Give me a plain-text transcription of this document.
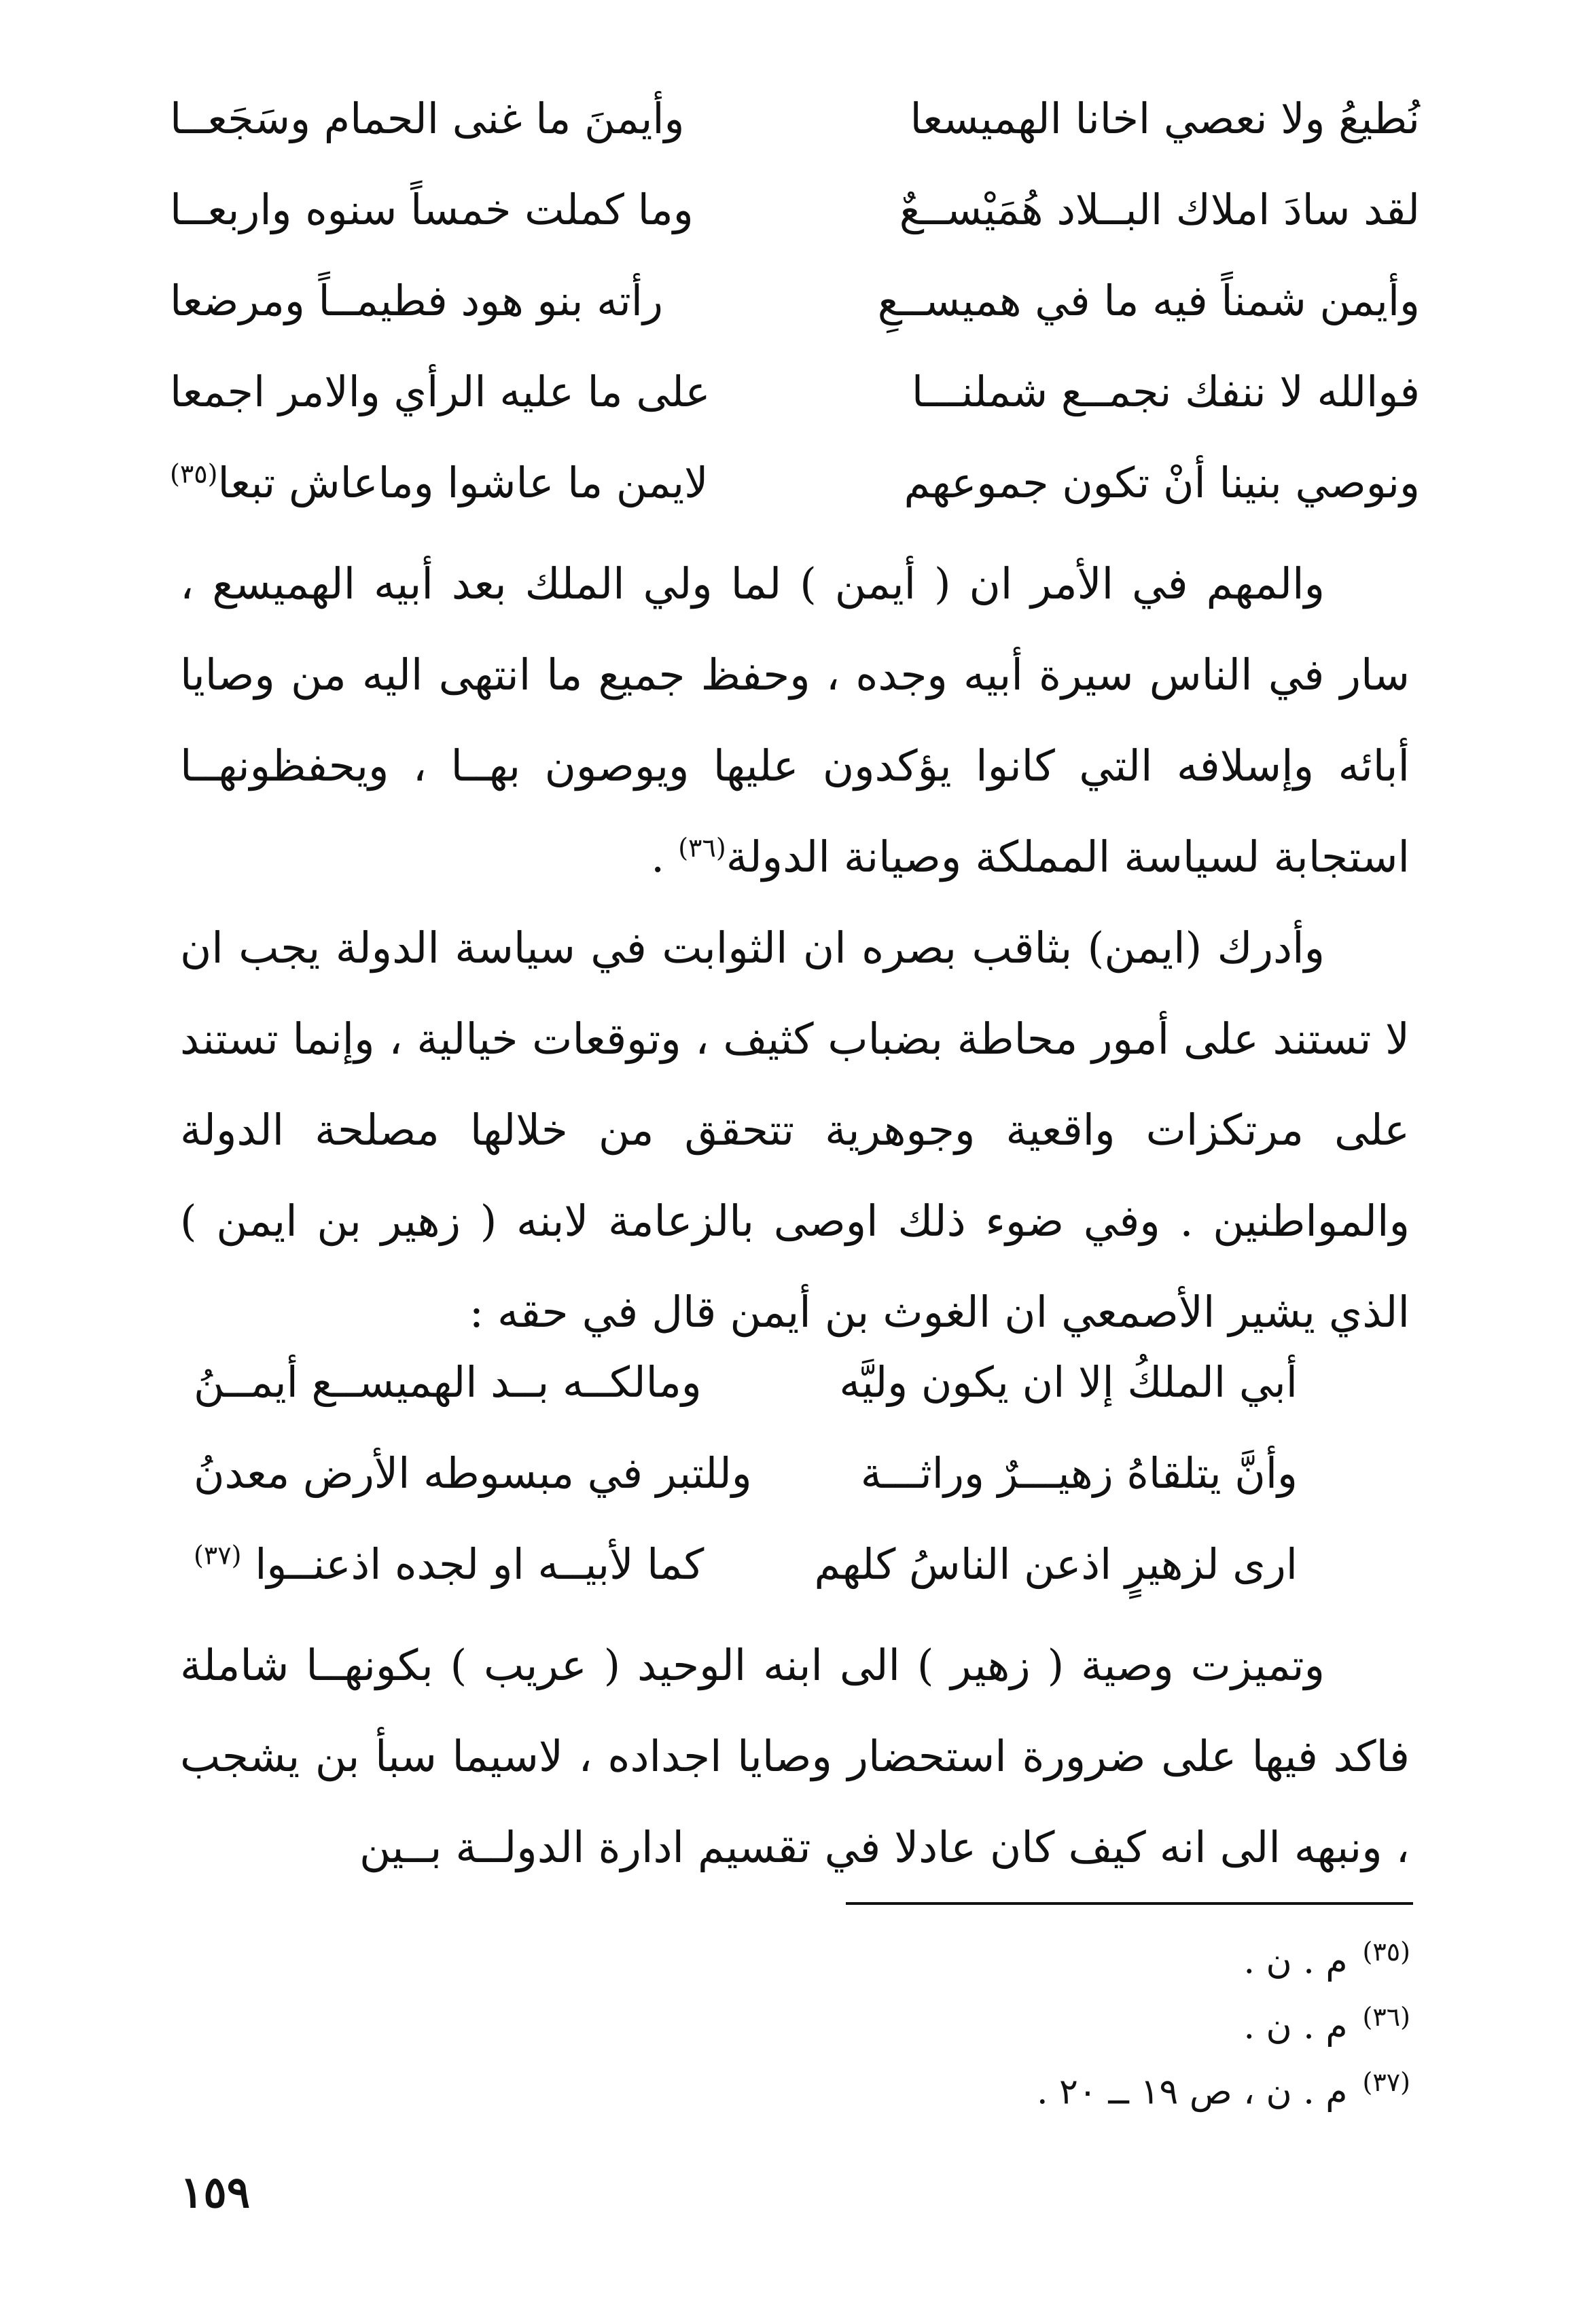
نُطيعُ ولا نعصي اخانا الهميسعا
وأيمنَ ما غنى الحمام وسَجَعــا
لقد سادَ املاك البــلاد هُمَيْســعٌ
وما كملت خمساً سنوه واربعــا
وأيمن شمناً فيه ما في هميســعِ
رأته بنو هود فطيمــاً ومرضعا
فوالله لا ننفك نجمــع شملنـــا
على ما عليه الرأي والامر اجمعا
ونوصي بنينا أنْ تكون جموعهم
لايمن ما عاشوا وماعاش تبعا$^{(٣٥)}$

والمهم في الأمر ان ( أيمن ) لما ولي الملك بعد أبيه الهميسع ، سار في الناس سيرة أبيه وجده ، وحفظ جميع ما انتهى اليه من وصايا أبائه وإسلافه التي كانوا يؤكدون عليها ويوصون بهــا ، ويحفظونهــا استجابة لسياسة المملكة وصيانة الدولة$^{(٣٦)}$ .

وأدرك (ايمن) بثاقب بصره ان الثوابت في سياسة الدولة يجب ان لا تستند على أمور محاطة بضباب كثيف ، وتوقعات خيالية ، وإنما تستند على مرتكزات واقعية وجوهرية تتحقق من خلالها مصلحة الدولة والمواطنين . وفي ضوء ذلك اوصى بالزعامة لابنه ( زهير بن ايمن ) الذي يشير الأصمعي ان الغوث بن أيمن قال في حقه :

أبي الملكُ إلا ان يكون وليَّه
ومالكــه بــد الهميســع أيمــنُ
وأنَّ يتلقاهُ زهيـــرٌ وراثـــة
وللتبر في مبسوطه الأرض معدنُ
ارى لزهيرٍ اذعن الناسُ كلهم
كما لأبيــه او لجده اذعنــوا $^{(٣٧)}$

وتميزت وصية ( زهير ) الى ابنه الوحيد ( عريب ) بكونهــا شاملة فاكد فيها على ضرورة استحضار وصايا اجداده ، لاسيما سبأ بن يشجب ، ونبهه الى انه كيف كان عادلا في تقسيم ادارة الدولــة بــين

$^{(٣٥)}$م . ن .
$^{(٣٦)}$م . ن .
$^{(٣٧)}$م . ن ، ص ١٩ ــ ٢٠ .
١٥٩
